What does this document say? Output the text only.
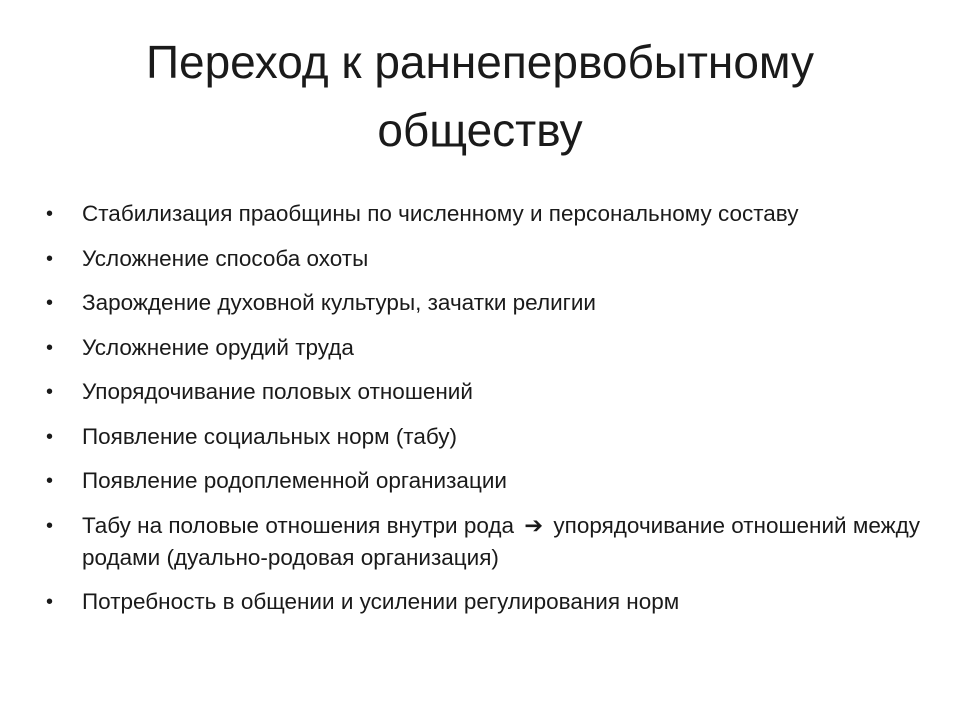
Переход к раннепервобытному
обществу
• Стабилизация праобщины по численному и персональному составу
• Усложнение способа охоты
• Зарождение духовной культуры, зачатки религии
• Усложнение орудий труда
• Упорядочивание половых отношений
• Появление социальных норм (табу)
• Появление родоплеменной организации
• Табу на половые отношения внутри рода ➔ упорядочивание отношений между родами (дуально-родовая организация)
• Потребность в общении и усилении регулирования норм
